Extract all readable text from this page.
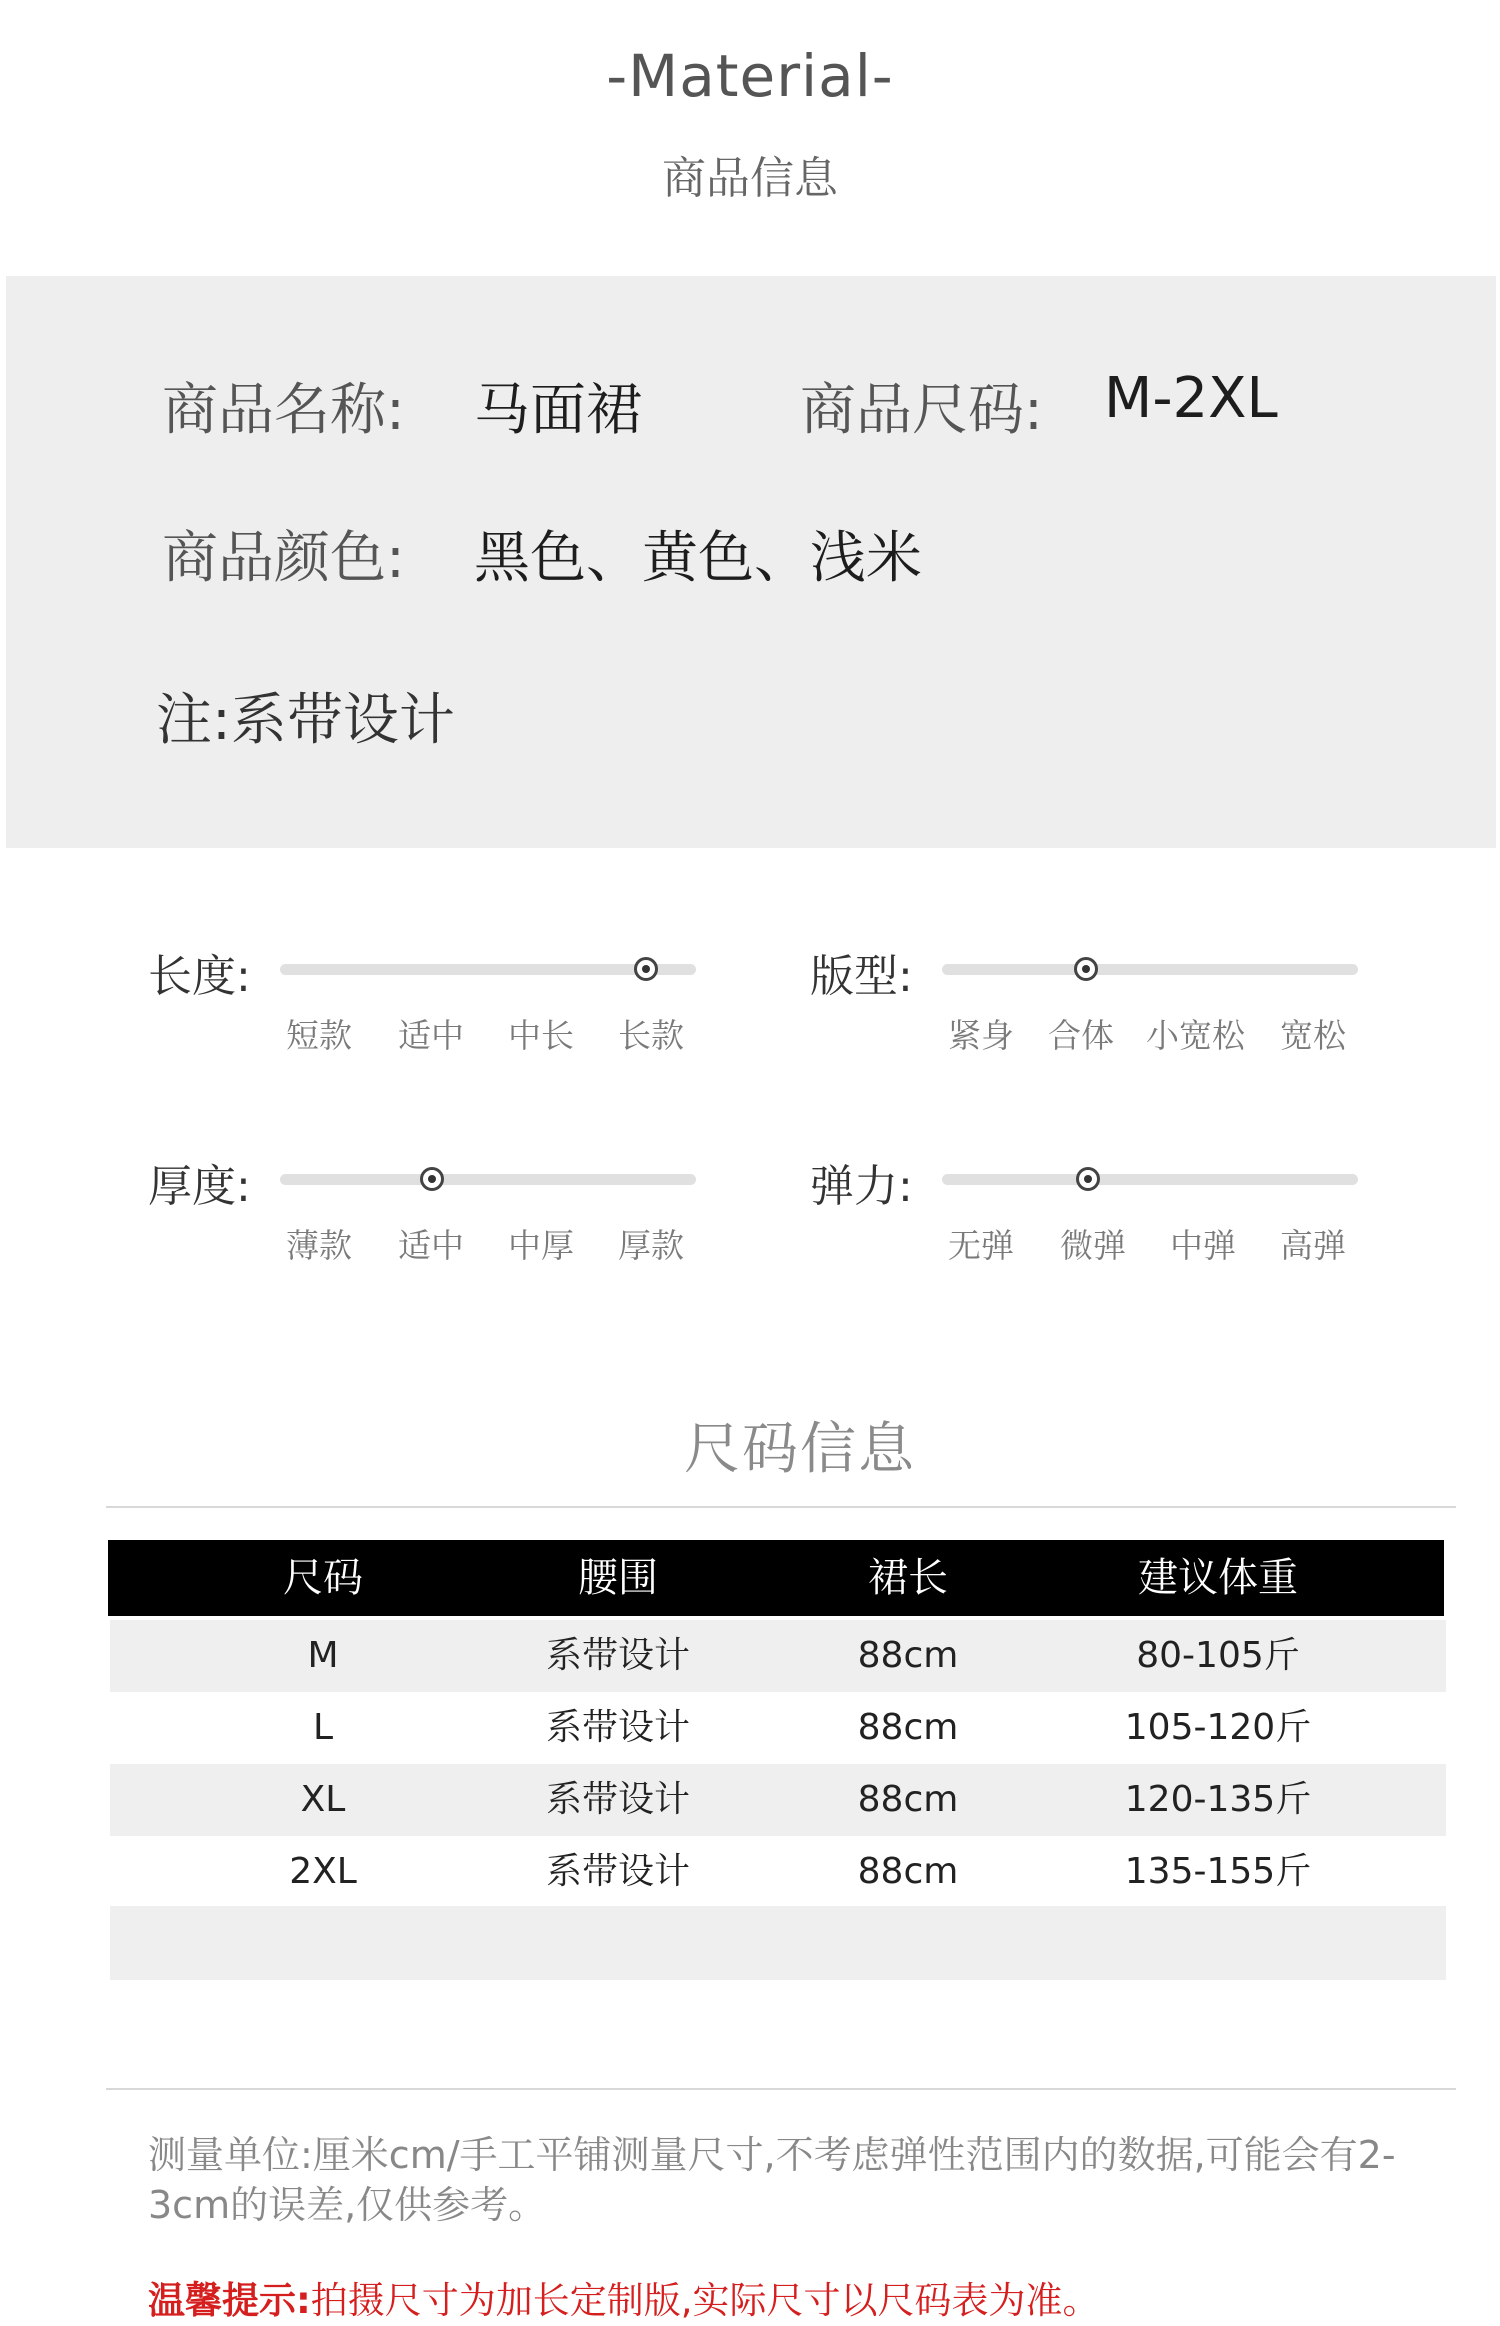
-Material-
商品信息
商品名称: 马面裙	商品尺码: M-2XL
商品颜色: 黑色、黄色、浅米
注:系带设计
长度:
短款 适中 中长 长款
版型:
紧身 合体 小宽松 宽松
厚度:
薄款 适中 中厚 厚款
弹力:
无弹 微弹 中弹 高弹
尺码信息
尺码	腰围	裙长	建议体重
M	系带设计	88cm	80-105斤
L	系带设计	88cm	105-120斤
XL	系带设计	88cm	120-135斤
2XL	系带设计	88cm	135-155斤
测量单位:厘米cm/手工平铺测量尺寸,不考虑弹性范围内的数据,可能会有2-3cm的误差,仅供参考。
温馨提示:拍摄尺寸为加长定制版,实际尺寸以尺码表为准。
